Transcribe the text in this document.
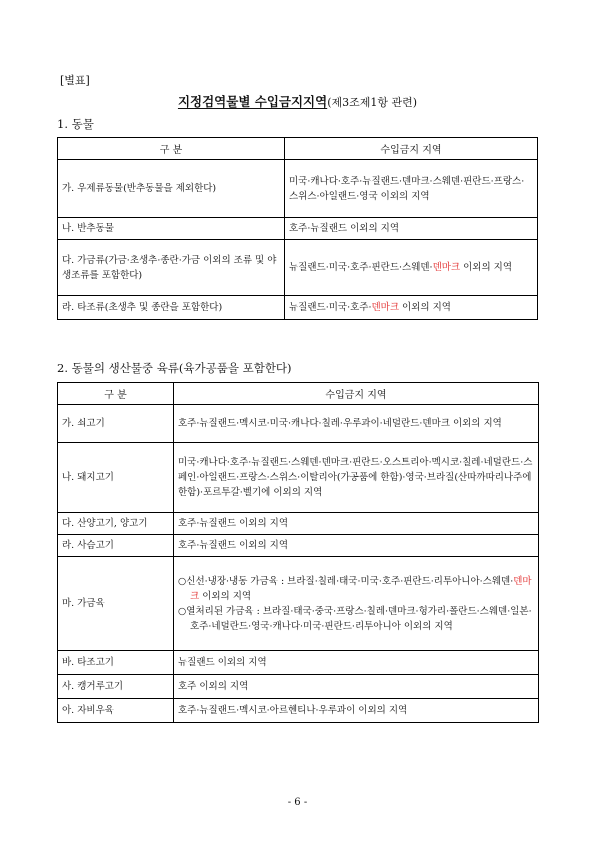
[별표]
지정검역물별 수입금지지역(제3조제1항 관련)
1. 동물
구 분	수입금지 지역
가. 우제류동물(반추동물을 제외한다)	미국·캐나다·호주·뉴질랜드·덴마크·스웨덴·핀란드·프랑스·스위스·아일랜드·영국 이외의 지역
나. 반추동물	호주·뉴질랜드 이외의 지역
다. 가금류(가금·초생추·종란·가금 이외의 조류 및 야생조류를 포함한다)	뉴질랜드·미국·호주·핀란드·스웨덴·덴마크 이외의 지역
라. 타조류(초생추 및 종란을 포함한다)	뉴질랜드·미국·호주·덴마크 이외의 지역
2. 동물의 생산물중 육류(육가공품을 포함한다)
구 분	수입금지 지역
가. 쇠고기	호주·뉴질랜드·멕시코·미국·캐나다·칠레·우루과이·네덜란드·덴마크 이외의 지역
나. 돼지고기	미국·캐나다·호주·뉴질랜드·스웨덴·덴마크·핀란드·오스트리아·멕시코·칠레·네덜란드·스페인·아일랜드·프랑스·스위스·이탈리아(가공품에 한함)·영국·브라질(산따까따리나주에 한함)·포르투갈·벨기에 이외의 지역
다. 산양고기, 양고기	호주·뉴질랜드 이외의 지역
라. 사슴고기	호주·뉴질랜드 이외의 지역
마. 가금육	○신선·냉장·냉동 가금육 : 브라질·칠레·태국·미국·호주·핀란드·리투아니아·스웨덴·덴마크 이외의 지역
○열처리된 가금육 : 브라질·태국·중국·프랑스·칠레·덴마크·헝가리·폴란드·스웨덴·일본·호주·네덜란드·영국·캐나다·미국·핀란드·리투아니아 이외의 지역

바. 타조고기	뉴질랜드 이외의 지역
사. 캥거루고기	호주 이외의 지역
아. 자비우육	호주·뉴질랜드·멕시코·아르헨티나·우루과이 이외의 지역
- 6 -
